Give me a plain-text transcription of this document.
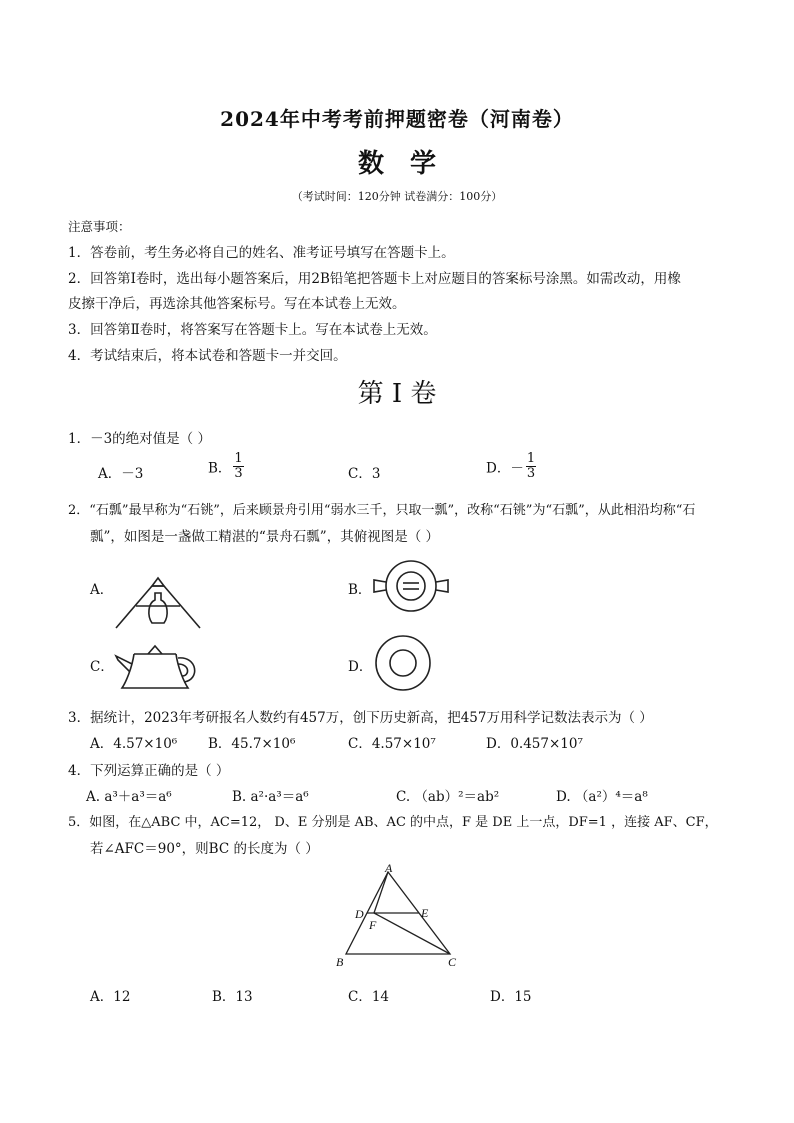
2024年中考考前押题密卷（河南卷）
数学
（考试时间：120分钟 试卷满分：100分）
注意事项：
1．答卷前，考生务必将自己的姓名、准考证号填写在答题卡上。
2．回答第Ⅰ卷时，选出每小题答案后，用2B铅笔把答题卡上对应题目的答案标号涂黑。如需改动，用橡
皮擦干净后，再选涂其他答案标号。写在本试卷上无效。
3．回答第Ⅱ卷时，将答案写在答题卡上。写在本试卷上无效。
4．考试结束后，将本试卷和答题卡一并交回。
第 I 卷
1．－3的绝对值是（ ）
A．－3	B． $\frac{1}{3}$	C．3	D．－ $\frac{1}{3}$
2．“石瓢”最早称为“石铫”，后来顾景舟引用“弱水三千，只取一瓢”，改称“石铫”为“石瓢”，从此相沿均称“石
瓢”，如图是一盏做工精湛的“景舟石瓢”，其俯视图是（ ）
A．	B．
C．	D．
3．据统计，2023年考研报名人数约有457万，创下历史新高，把457万用科学记数法表示为（ ）
A．4.57×10⁶ B．45.7×10⁶	C．4.57×10⁷	D．0.457×10⁷
4．下列运算正确的是（ ）
A. a³＋a³＝a⁶	B. a²·a³＝a⁶	C. （ab）²＝ab²	D. （a²）⁴＝a⁸
5．如图，在△ABC 中，AC=12， D、E 分别是 AB、AC 的中点，F 是 DE 上一点，DF=1 ，连接 AF、CF，
若∠AFC＝90°，则BC 的长度为（ ）
A
B	C
D	E
F
A．12	B．13	C．14	D．15
